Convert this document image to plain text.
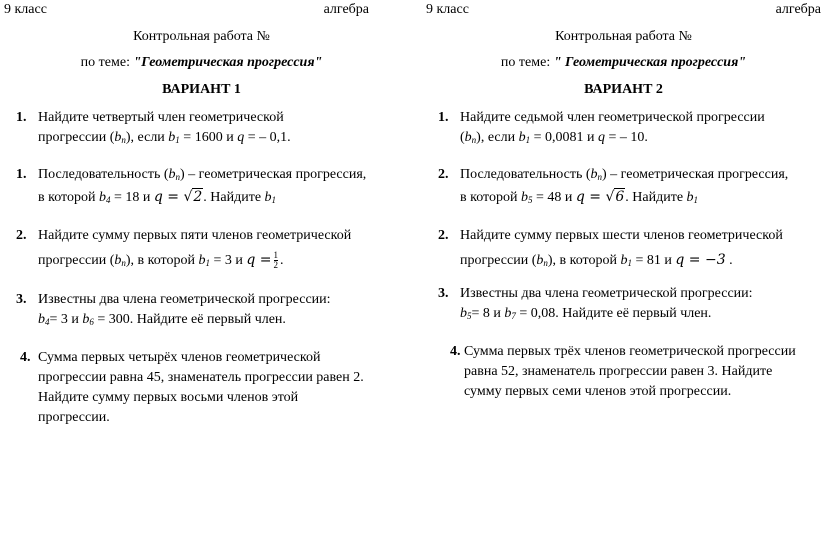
9 класс	алгебра
Контрольная работа №
по теме: "Геометрическая прогрессия"
ВАРИАНТ 1
1. Найдите четвертый член геометрической
прогрессии (bn), если b1 = 1600 и q = – 0,1.
1. Последовательность (bn) – геометрическая прогрессия,
в которой b4 = 18 и 𝑞 = √2. Найдите b1
2. Найдите сумму первых пяти членов геометрической
прогрессии (bn), в которой b1 = 3 и 𝑞 = $\frac{1}{2}$ .
3. Известны два члена геометрической прогрессии:
b4= 3 и b6 = 300. Найдите её первый член.
4. Сумма первых четырёх членов геометрической
прогрессии равна 45, знаменатель прогрессии равен 2.
Найдите сумму первых восьми членов этой
прогрессии.
9 класс	алгебра
Контрольная работа №
по теме: " Геометрическая прогрессия"
ВАРИАНТ 2
1. Найдите седьмой член геометрической прогрессии
(bn), если b1 = 0,0081 и q = – 10.
2. Последовательность (bn) – геометрическая прогрессия,
в которой b5 = 48 и 𝑞 = √6. Найдите b1
2. Найдите сумму первых шести членов геометрической
прогрессии (bn), в которой b1 = 81 и 𝑞 = −3 .
3. Известны два члена геометрической прогрессии:
b5= 8 и b7 = 0,08. Найдите её первый член.
4. Сумма первых трёх членов геометрической прогрессии
равна 52, знаменатель прогрессии равен 3. Найдите
сумму первых семи членов этой прогрессии.
